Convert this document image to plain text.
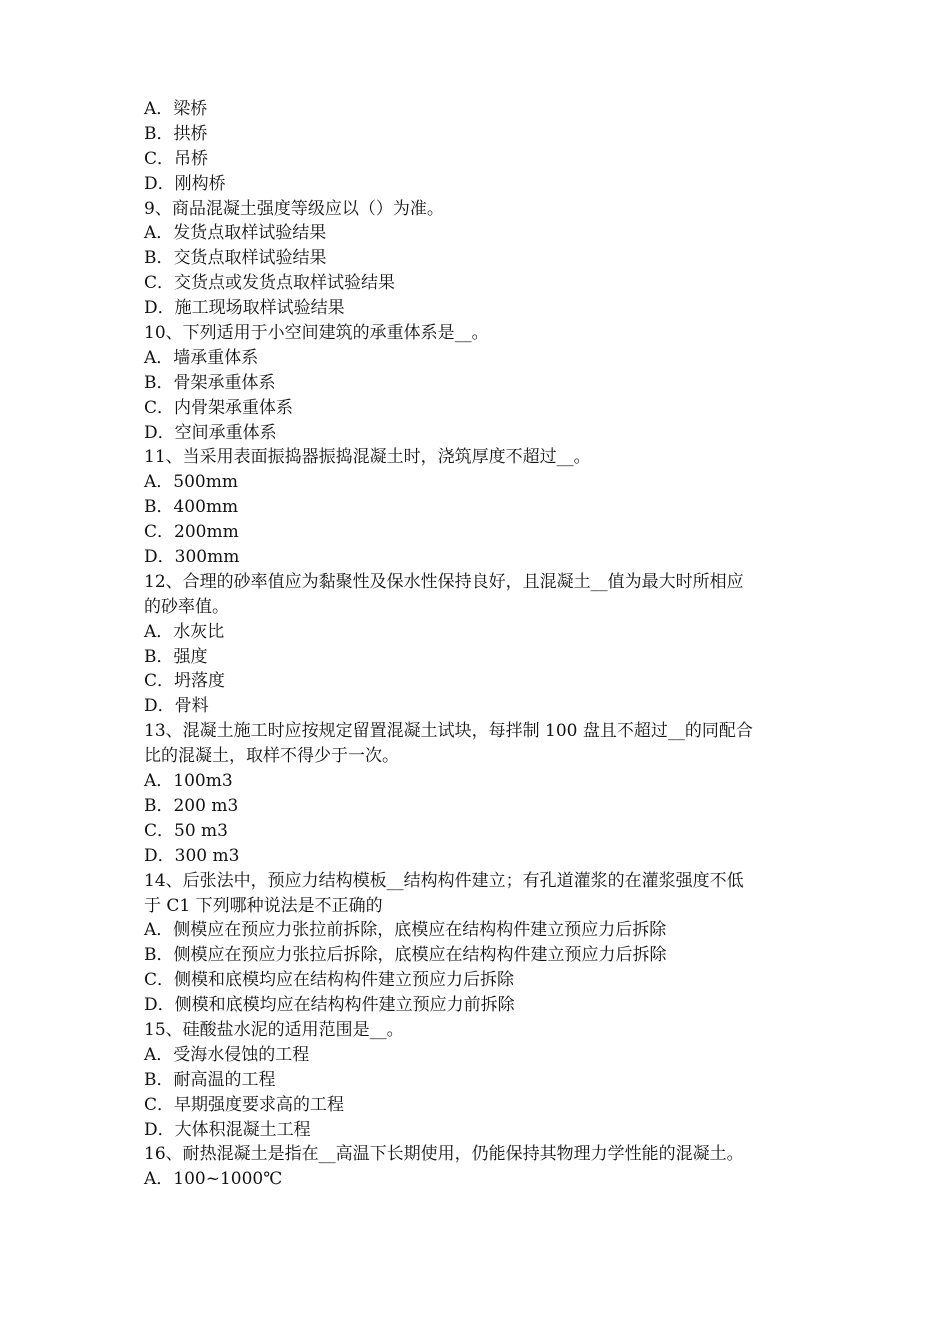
A．梁桥
B．拱桥
C．吊桥
D．刚构桥
9、商品混凝土强度等级应以（）为准。
A．发货点取样试验结果
B．交货点取样试验结果
C．交货点或发货点取样试验结果
D．施工现场取样试验结果
10、下列适用于小空间建筑的承重体系是__。
A．墙承重体系
B．骨架承重体系
C．内骨架承重体系
D．空间承重体系
11、当采用表面振捣器振捣混凝土时，浇筑厚度不超过__。
A．500mm
B．400mm
C．200mm
D．300mm
12、合理的砂率值应为黏聚性及保水性保持良好，且混凝土__值为最大时所相应
的砂率值。
A．水灰比
B．强度
C．坍落度
D．骨料
13、混凝土施工时应按规定留置混凝土试块，每拌制 100 盘且不超过__的同配合
比的混凝土，取样不得少于一次。
A．100m3
B．200 m3
C．50 m3
D．300 m3
14、后张法中，预应力结构模板__结构构件建立；有孔道灌浆的在灌浆强度不低
于 C1 下列哪种说法是不正确的
A．侧模应在预应力张拉前拆除，底模应在结构构件建立预应力后拆除
B．侧模应在预应力张拉后拆除，底模应在结构构件建立预应力后拆除
C．侧模和底模均应在结构构件建立预应力后拆除
D．侧模和底模均应在结构构件建立预应力前拆除
15、硅酸盐水泥的适用范围是__。
A．受海水侵蚀的工程
B．耐高温的工程
C．早期强度要求高的工程
D．大体积混凝土工程
16、耐热混凝土是指在__高温下长期使用，仍能保持其物理力学性能的混凝土。
A．100~1000℃
